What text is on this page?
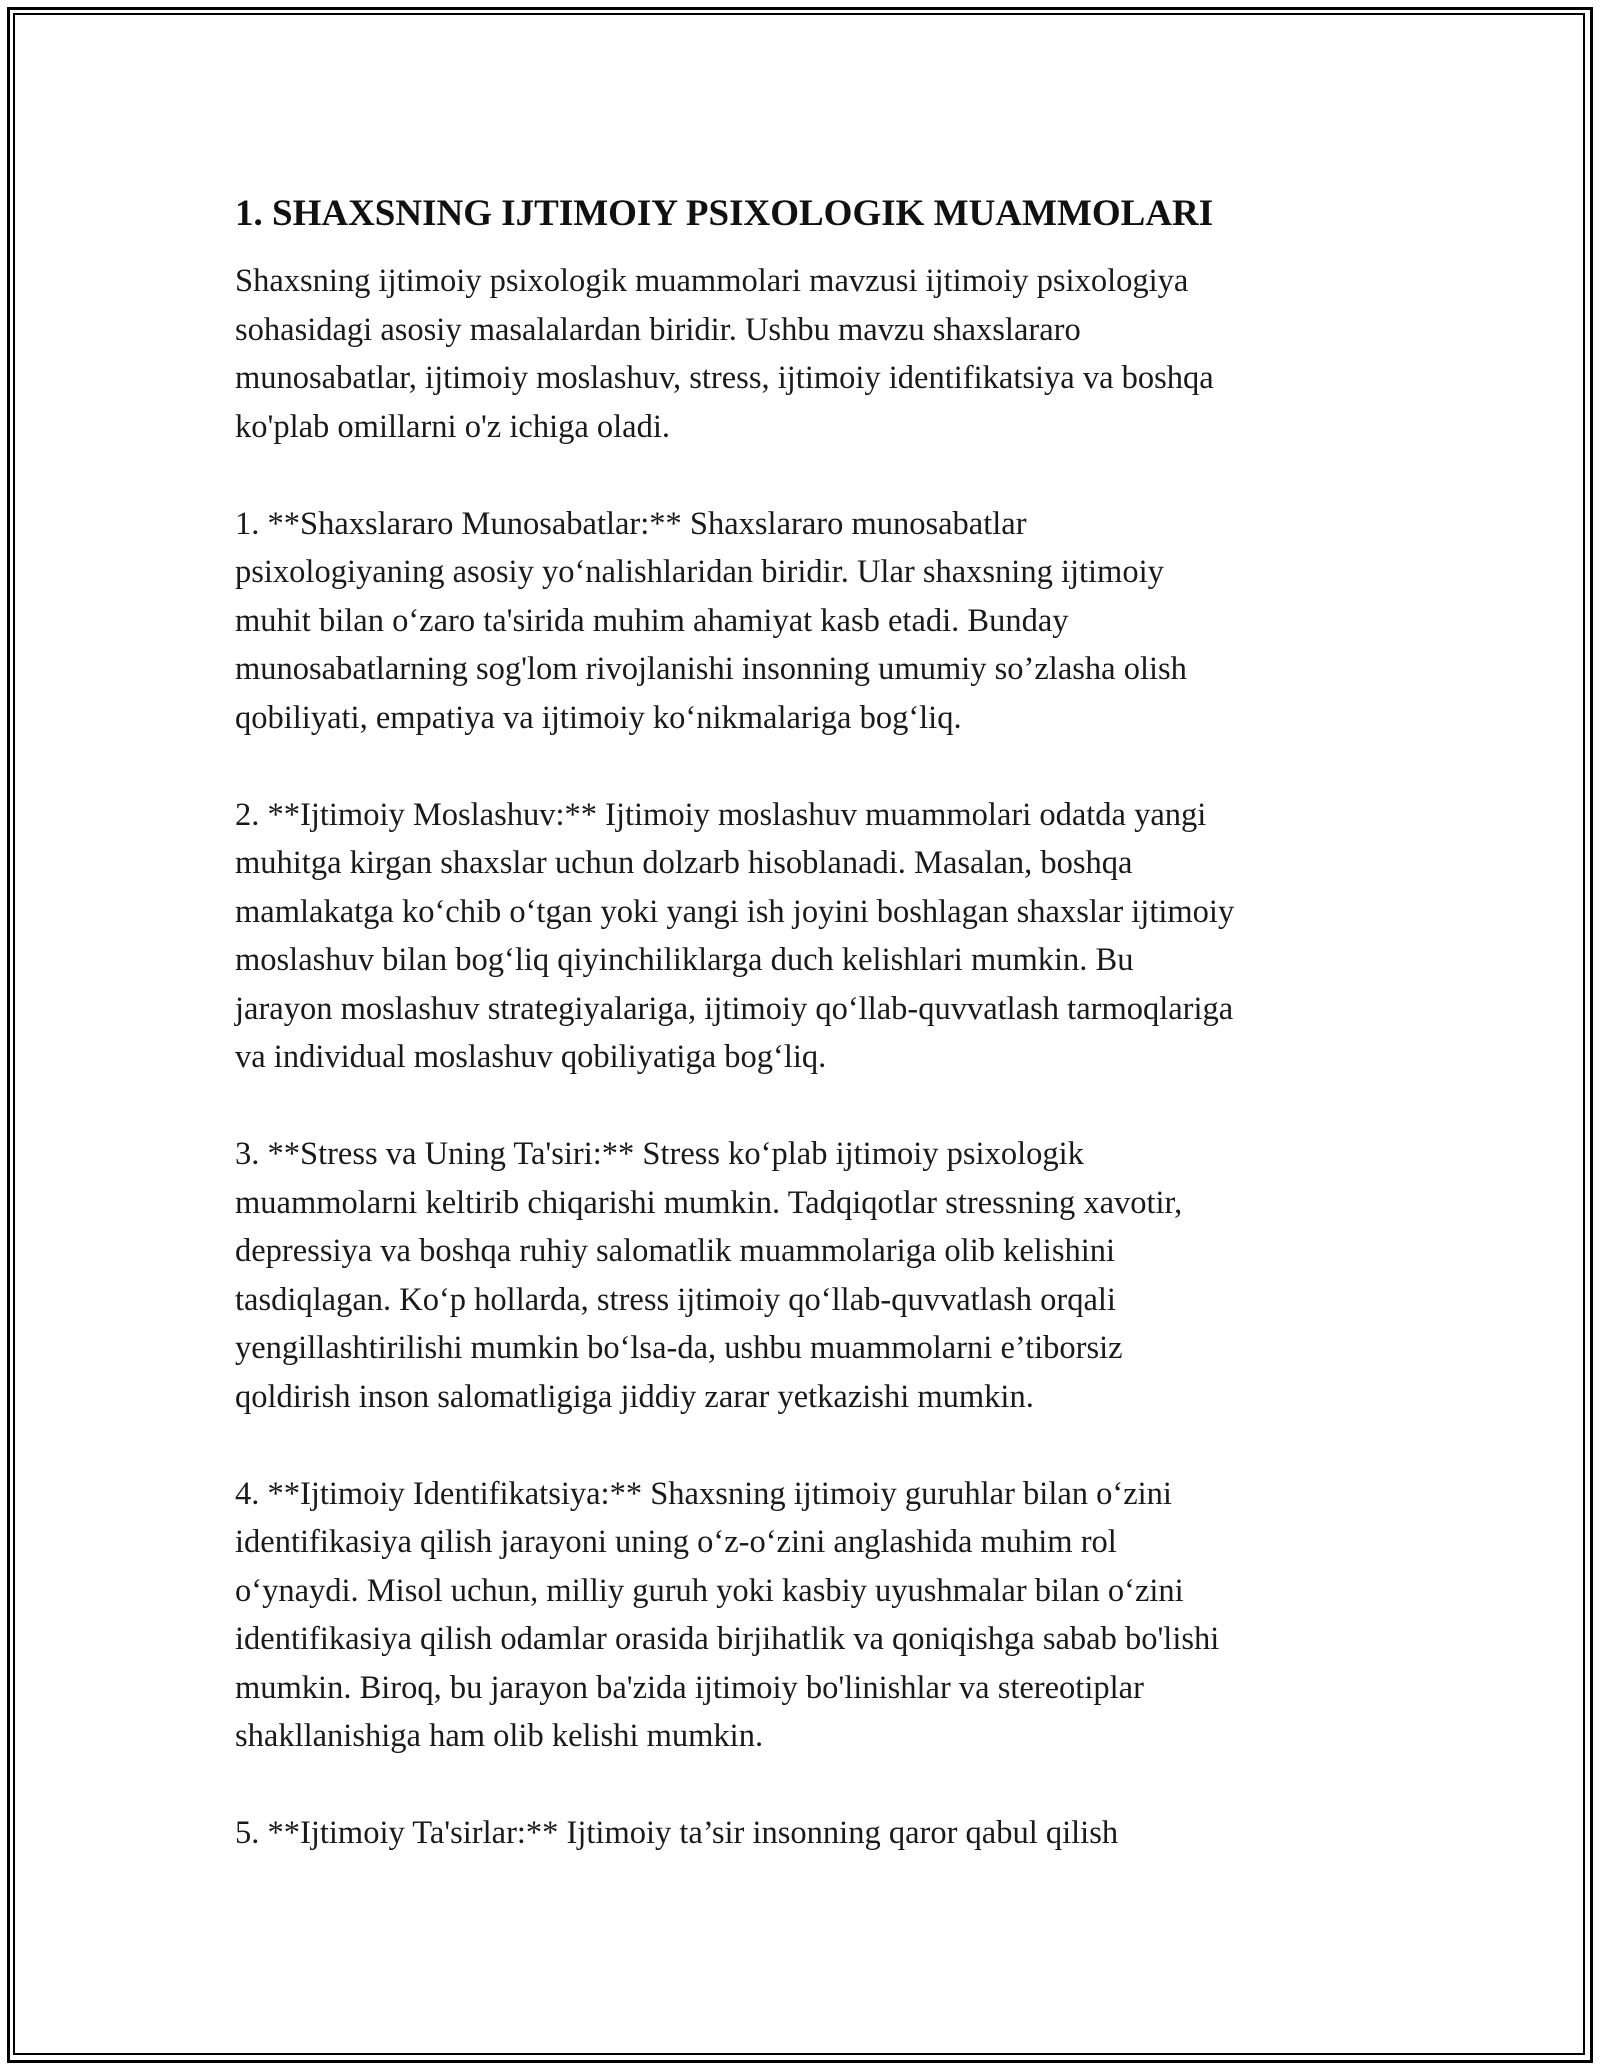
1. SHAXSNING IJTIMOIY PSIXOLOGIK MUAMMOLARI

Shaxsning ijtimoiy psixologik muammolari mavzusi ijtimoiy psixologiya
sohasidagi asosiy masalalardan biridir. Ushbu mavzu shaxslararo
munosabatlar, ijtimoiy moslashuv, stress, ijtimoiy identifikatsiya va boshqa
ko'plab omillarni o'z ichiga oladi.

1. **Shaxslararo Munosabatlar:** Shaxslararo munosabatlar
psixologiyaning asosiy yoʻnalishlaridan biridir. Ular shaxsning ijtimoiy
muhit bilan oʻzaro ta'sirida muhim ahamiyat kasb etadi. Bunday
munosabatlarning sog'lom rivojlanishi insonning umumiy so’zlasha olish
qobiliyati, empatiya va ijtimoiy koʻnikmalariga bogʻliq.

2. **Ijtimoiy Moslashuv:** Ijtimoiy moslashuv muammolari odatda yangi
muhitga kirgan shaxslar uchun dolzarb hisoblanadi. Masalan, boshqa
mamlakatga koʻchib oʻtgan yoki yangi ish joyini boshlagan shaxslar ijtimoiy
moslashuv bilan bogʻliq qiyinchiliklarga duch kelishlari mumkin. Bu
jarayon moslashuv strategiyalariga, ijtimoiy qoʻllab-quvvatlash tarmoqlariga
va individual moslashuv qobiliyatiga bogʻliq.

3. **Stress va Uning Ta'siri:** Stress koʻplab ijtimoiy psixologik
muammolarni keltirib chiqarishi mumkin. Tadqiqotlar stressning xavotir,
depressiya va boshqa ruhiy salomatlik muammolariga olib kelishini
tasdiqlagan. Koʻp hollarda, stress ijtimoiy qoʻllab-quvvatlash orqali
yengillashtirilishi mumkin boʻlsa-da, ushbu muammolarni e’tiborsiz
qoldirish inson salomatligiga jiddiy zarar yetkazishi mumkin.

4. **Ijtimoiy Identifikatsiya:** Shaxsning ijtimoiy guruhlar bilan oʻzini
identifikasiya qilish jarayoni uning oʻz-oʻzini anglashida muhim rol
oʻynaydi. Misol uchun, milliy guruh yoki kasbiy uyushmalar bilan oʻzini
identifikasiya qilish odamlar orasida birjihatlik va qoniqishga sabab bo'lishi
mumkin. Biroq, bu jarayon ba'zida ijtimoiy bo'linishlar va stereotiplar
shakllanishiga ham olib kelishi mumkin.

5. **Ijtimoiy Ta'sirlar:** Ijtimoiy ta’sir insonning qaror qabul qilish
